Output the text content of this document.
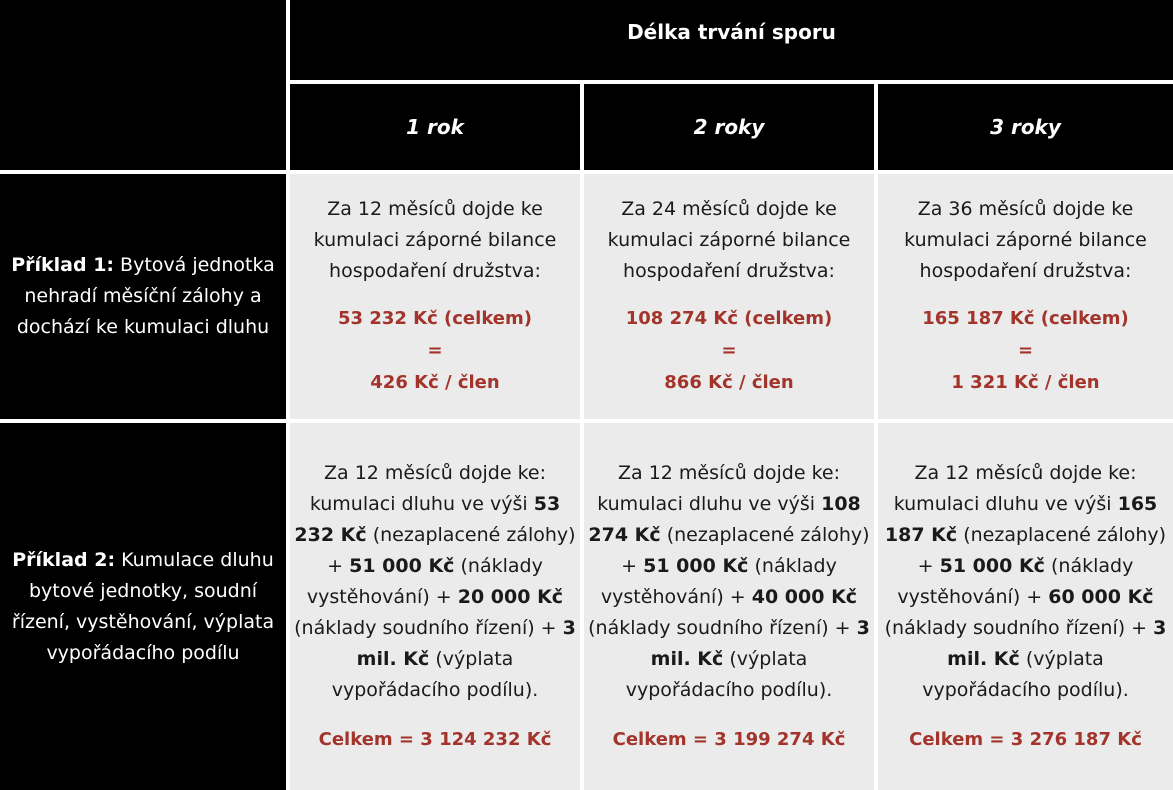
Délka trvání sporu
1 rok	2 roky	3 roky
Příklad 1: Bytová jednotka nehradí měsíční zálohy a dochází ke kumulaci dluhu
Za 12 měsíců dojde ke kumulaci záporné bilance hospodaření družstva:
53 232 Kč (celkem)
=
426 Kč / člen
Za 24 měsíců dojde ke kumulaci záporné bilance hospodaření družstva:
108 274 Kč (celkem)
=
866 Kč / člen
Za 36 měsíců dojde ke kumulaci záporné bilance hospodaření družstva:
165 187 Kč (celkem)
=
1 321 Kč / člen
Příklad 2: Kumulace dluhu bytové jednotky, soudní řízení, vystěhování, výplata vypořádacího podílu
Za 12 měsíců dojde ke: kumulaci dluhu ve výši 53 232 Kč (nezaplacené zálohy) + 51 000 Kč (náklady vystěhování) + 20 000 Kč (náklady soudního řízení) + 3 mil. Kč (výplata vypořádacího podílu).
Celkem = 3 124 232 Kč
Za 12 měsíců dojde ke: kumulaci dluhu ve výši 108 274 Kč (nezaplacené zálohy) + 51 000 Kč (náklady vystěhování) + 40 000 Kč (náklady soudního řízení) + 3 mil. Kč (výplata vypořádacího podílu).
Celkem = 3 199 274 Kč
Za 12 měsíců dojde ke: kumulaci dluhu ve výši 165 187 Kč (nezaplacené zálohy) + 51 000 Kč (náklady vystěhování) + 60 000 Kč (náklady soudního řízení) + 3 mil. Kč (výplata vypořádacího podílu).
Celkem = 3 276 187 Kč
